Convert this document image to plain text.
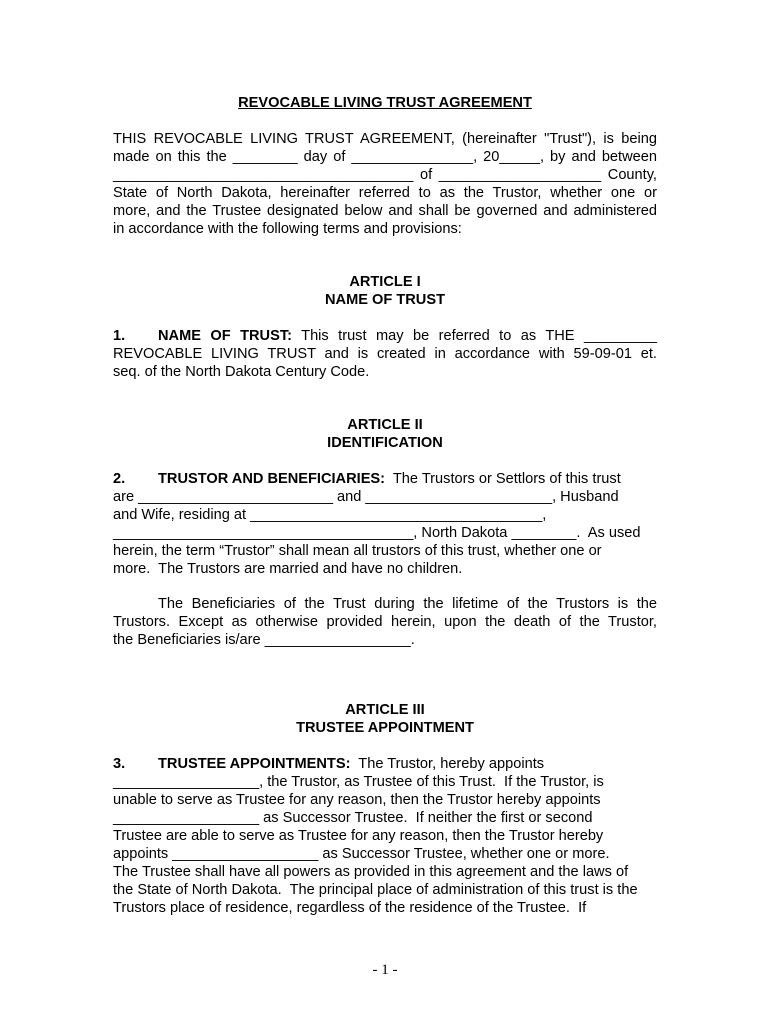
REVOCABLE LIVING TRUST AGREEMENT
THIS REVOCABLE LIVING TRUST AGREEMENT, (hereinafter "Trust"), is being
made on this the ________ day of _______________, 20_____, by and between
_____________________________________ of ____________________ County,
State of North Dakota, hereinafter referred to as the Trustor, whether one or
more, and the Trustee designated below and shall be governed and administered
in accordance with the following terms and provisions:
ARTICLE I
NAME OF TRUST
1. NAME OF TRUST: This trust may be referred to as THE _________
REVOCABLE LIVING TRUST and is created in accordance with 59-09-01 et.
seq. of the North Dakota Century Code.
ARTICLE II
IDENTIFICATION
2. TRUSTOR AND BENEFICIARIES:  The Trustors or Settlors of this trust
are ________________________ and _______________________, Husband
and Wife, residing at ____________________________________,
_____________________________________, North Dakota ________.  As used
herein, the term “Trustor” shall mean all trustors of this trust, whether one or
more.  The Trustors are married and have no children.
The Beneficiaries of the Trust during the lifetime of the Trustors is the
Trustors. Except as otherwise provided herein, upon the death of the Trustor,
the Beneficiaries is/are __________________.
ARTICLE III
TRUSTEE APPOINTMENT
3. TRUSTEE APPOINTMENTS:  The Trustor, hereby appoints
__________________, the Trustor, as Trustee of this Trust.  If the Trustor, is
unable to serve as Trustee for any reason, then the Trustor hereby appoints
__________________ as Successor Trustee.  If neither the first or second
Trustee are able to serve as Trustee for any reason, then the Trustor hereby
appoints __________________ as Successor Trustee, whether one or more.
The Trustee shall have all powers as provided in this agreement and the laws of
the State of North Dakota.  The principal place of administration of this trust is the
Trustors place of residence, regardless of the residence of the Trustee.  If
- 1 -
